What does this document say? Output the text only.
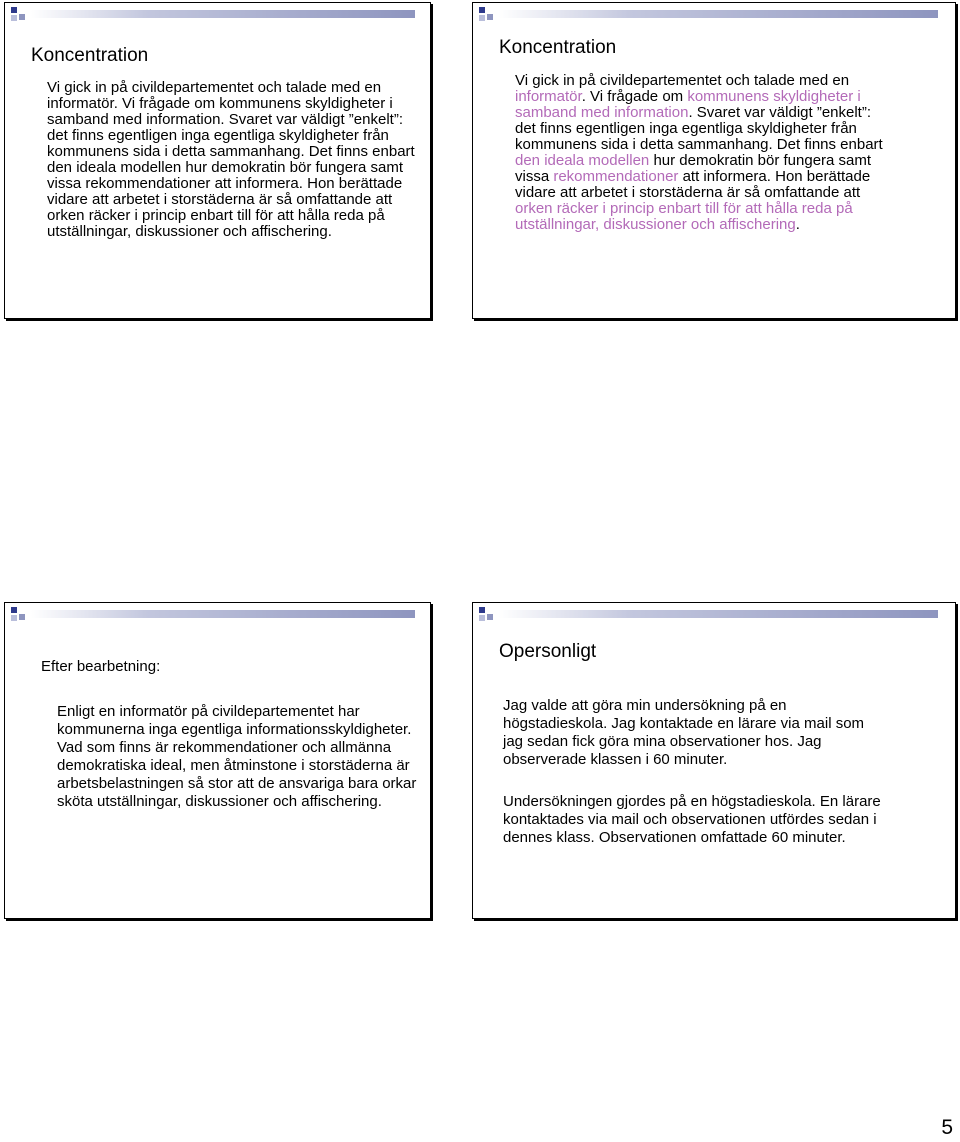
Koncentration
Vi gick in på civildepartementet och talade med en informatör. Vi frågade om kommunens skyldigheter i samband med information. Svaret var väldigt ”enkelt”: det finns egentligen inga egentliga skyldigheter från kommunens sida i detta sammanhang. Det finns enbart den ideala modellen hur demokratin bör fungera samt vissa rekommendationer att informera. Hon berättade vidare att arbetet i storstäderna är så omfattande att orken räcker i princip enbart till för att hålla reda på utställningar, diskussioner och affischering.
Koncentration
Vi gick in på civildepartementet och talade med en informatör. Vi frågade om kommunens skyldigheter i samband med information. Svaret var väldigt ”enkelt”: det finns egentligen inga egentliga skyldigheter från kommunens sida i detta sammanhang. Det finns enbart den ideala modellen hur demokratin bör fungera samt vissa rekommendationer att informera. Hon berättade vidare att arbetet i storstäderna är så omfattande att orken räcker i princip enbart till för att hålla reda på utställningar, diskussioner och affischering.
Efter bearbetning:
Enligt en informatör på civildepartementet har kommunerna inga egentliga informationsskyldigheter. Vad som finns är rekommendationer och allmänna demokratiska ideal, men åtminstone i storstäderna är arbetsbelastningen så stor att de ansvariga bara orkar sköta utställningar, diskussioner och affischering.
Opersonligt

Jag valde att göra min undersökning på en högstadieskola. Jag kontaktade en lärare via mail som jag sedan fick göra mina observationer hos. Jag observerade klassen i 60 minuter.

Undersökningen gjordes på en högstadieskola. En lärare kontaktades via mail och observationen utfördes sedan i dennes klass. Observationen omfattade 60 minuter.

5
